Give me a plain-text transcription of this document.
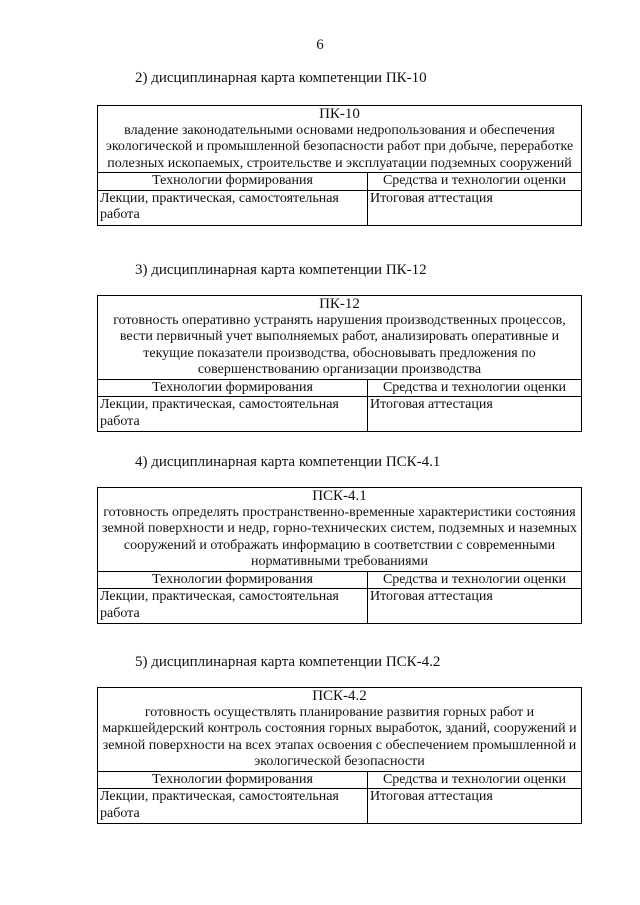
6
2) дисциплинарная карта компетенции ПК-10
ПК-10
владение законодательными основами недропользования и обеспечения экологической и промышленной безопасности работ при добыче, переработке полезных ископаемых, строительстве и эксплуатации подземных сооружений	
Технологии формирования	Средства и технологии оценки
Лекции, практическая, самостоятельная работа	Итоговая аттестация
3) дисциплинарная карта компетенции ПК-12
ПК-12
готовность оперативно устранять нарушения производственных процессов, вести первичный учет выполняемых работ, анализировать оперативные и текущие показатели производства, обосновывать предложения по совершенствованию организации производства	
Технологии формирования	Средства и технологии оценки
Лекции, практическая, самостоятельная работа	Итоговая аттестация
4) дисциплинарная карта компетенции ПСК-4.1
ПСК-4.1
готовность определять пространственно-временные характеристики состояния земной поверхности и недр, горно-технических систем, подземных и наземных сооружений и отображать информацию в соответствии с современными нормативными требованиями	
Технологии формирования	Средства и технологии оценки
Лекции, практическая, самостоятельная работа	Итоговая аттестация
5) дисциплинарная карта компетенции ПСК-4.2
ПСК-4.2
готовность осуществлять планирование развития горных работ и маркшейдерский контроль состояния горных выработок, зданий, сооружений и земной поверхности на всех этапах освоения с обеспечением промышленной и экологической безопасности	
Технологии формирования	Средства и технологии оценки
Лекции, практическая, самостоятельная работа	Итоговая аттестация
